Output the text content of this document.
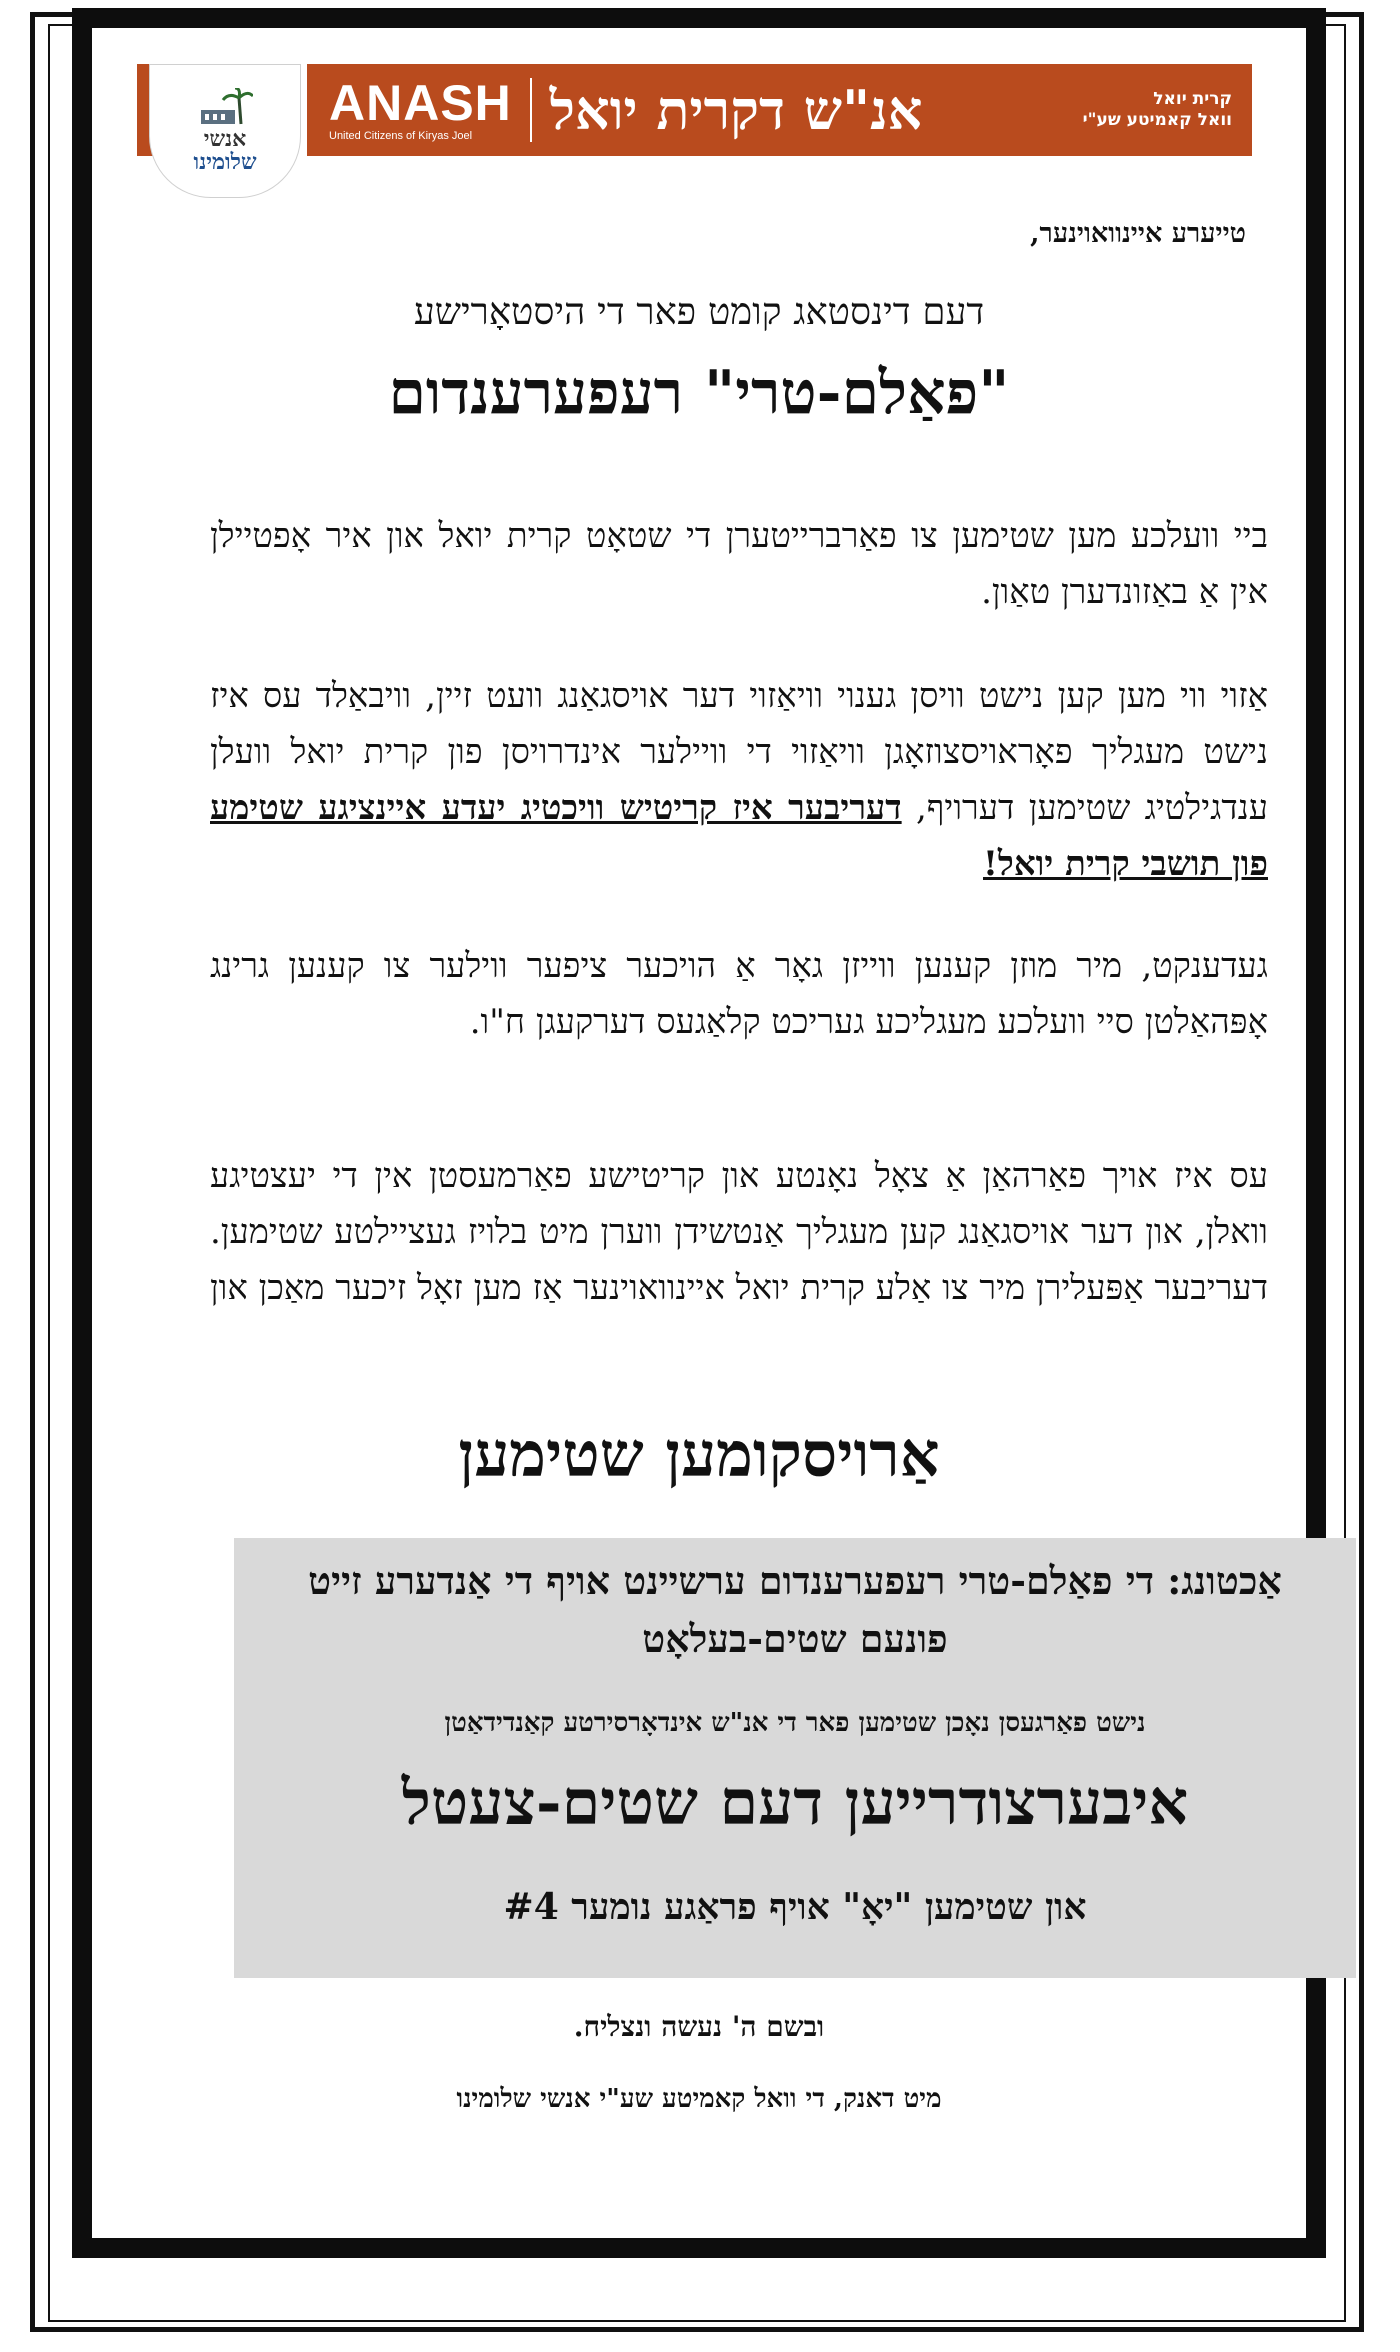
אנשי
שלומינו
ANASH
United Citizens of Kiryas Joel	אנ"ש דקרית יואל	קרית יואל
וואל קאמיטע שע"י
טייערע איינוואוינער,
דעם דינסטאג קומט פאר די היסטאָרישע
"פאַלם-טרי" רעפערענדום
ביי וועלכע מען שטימען צו פאַרברייטערן די שטאָט קרית יואל און איר אָפטיילן אין אַ באַזונדערן טאַון.
אַזוי ווי מען קען נישט וויסן גענוי וויאַזוי דער אויסגאַנג וועט זיין, וויבאַלד עס איז נישט מעגליך פאָראויסצוזאָגן וויאַזוי די וויילער אינדרויסן פון קרית יואל וועלן ענדגילטיג שטימען דערויף, דעריבער איז קריטיש וויכטיג יעדע איינציגע שטימע פון תושבי קרית יואל!
געדענקט, מיר מוזן קענען ווייזן גאָר אַ הויכער ציפער ווילער צו קענען גרינג אָפּהאַלטן סיי וועלכע מעגליכע געריכט קלאַגעס דערקעגן ח"ו.
עס איז אויך פאַרהאַן אַ צאָל נאָנטע און קריטישע פאַרמעסטן אין די יעצטיגע וואלן, און דער אויסגאַנג קען מעגליך אַנטשידן ווערן מיט בלויז געציילטע שטימען. דעריבער אַפּעלירן מיר צו אַלע קרית יואל איינוואוינער אַז מען זאָל זיכער מאַכן און
אַרויסקומען שטימען
אַכטונג: די פאַלם-טרי רעפערענדום ערשיינט אויף די אַנדערע זייט פונעם שטים-בעלאָט
נישט פאַרגעסן נאָכן שטימען פאר די אנ"ש אינדאָרסירטע קאַנדידאַטן
איבערצודרייען דעם שטים-צעטל
און שטימען "יאָ" אויף פראַגע נומער #4
ובשם ה' נעשה ונצליח.
מיט דאנק, די וואל קאמיטע שע"י אנשי שלומינו
